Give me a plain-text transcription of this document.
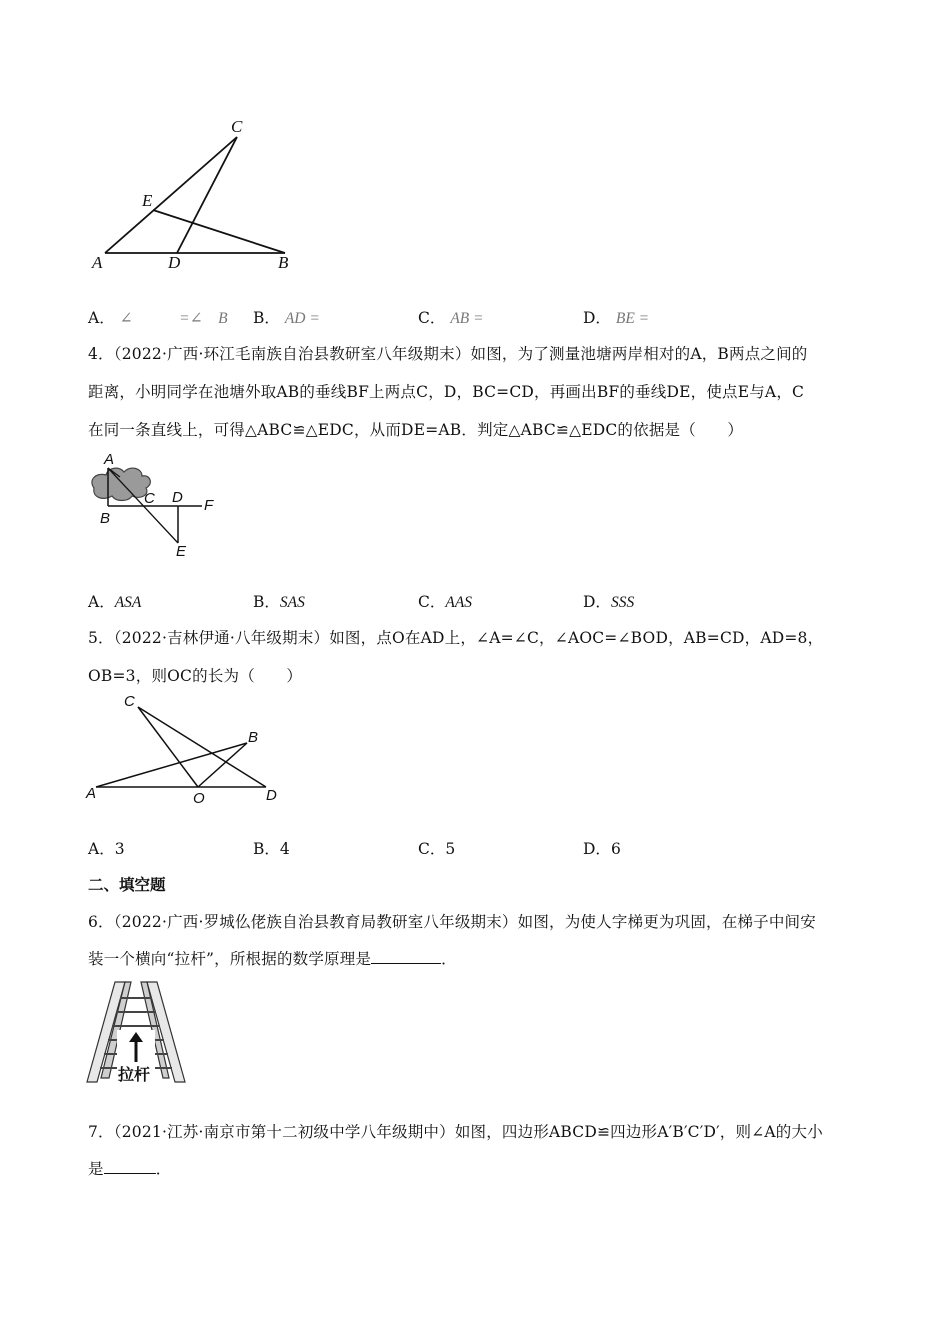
C
E
A	D	B
A． ∠　　　=∠　B B． AD =	C． AB =	D． BE =
4．（2022·广西·环江毛南族自治县教研室八年级期末）如图，为了测量池塘两岸相对的A，B两点之间的
距离，小明同学在池塘外取AB的垂线BF上两点C，D，BC=CD，再画出BF的垂线DE，使点E与A，C
在同一条直线上，可得△ABC≌△EDC，从而DE=AB．判定△ABC≌△EDC的依据是（　　）
A
B
C D F
E
A．ASA	B．SAS	C．AAS	D．SSS
5．（2022·吉林伊通·八年级期末）如图，点O在AD上，∠A=∠C，∠AOC=∠BOD，AB=CD，AD=8，
OB=3，则OC的长为（　　）
C
B
A	O	D
A．3	B．4	C．5	D．6
二、填空题
6．（2022·广西·罗城仫佬族自治县教育局教研室八年级期末）如图，为使人字梯更为巩固，在梯子中间安
装一个横向“拉杆”，所根据的数学原理是	．
拉杆
7．（2021·江苏·南京市第十二初级中学八年级期中）如图，四边形ABCD≌四边形A′B′C′D′，则∠A的大小
是	．
